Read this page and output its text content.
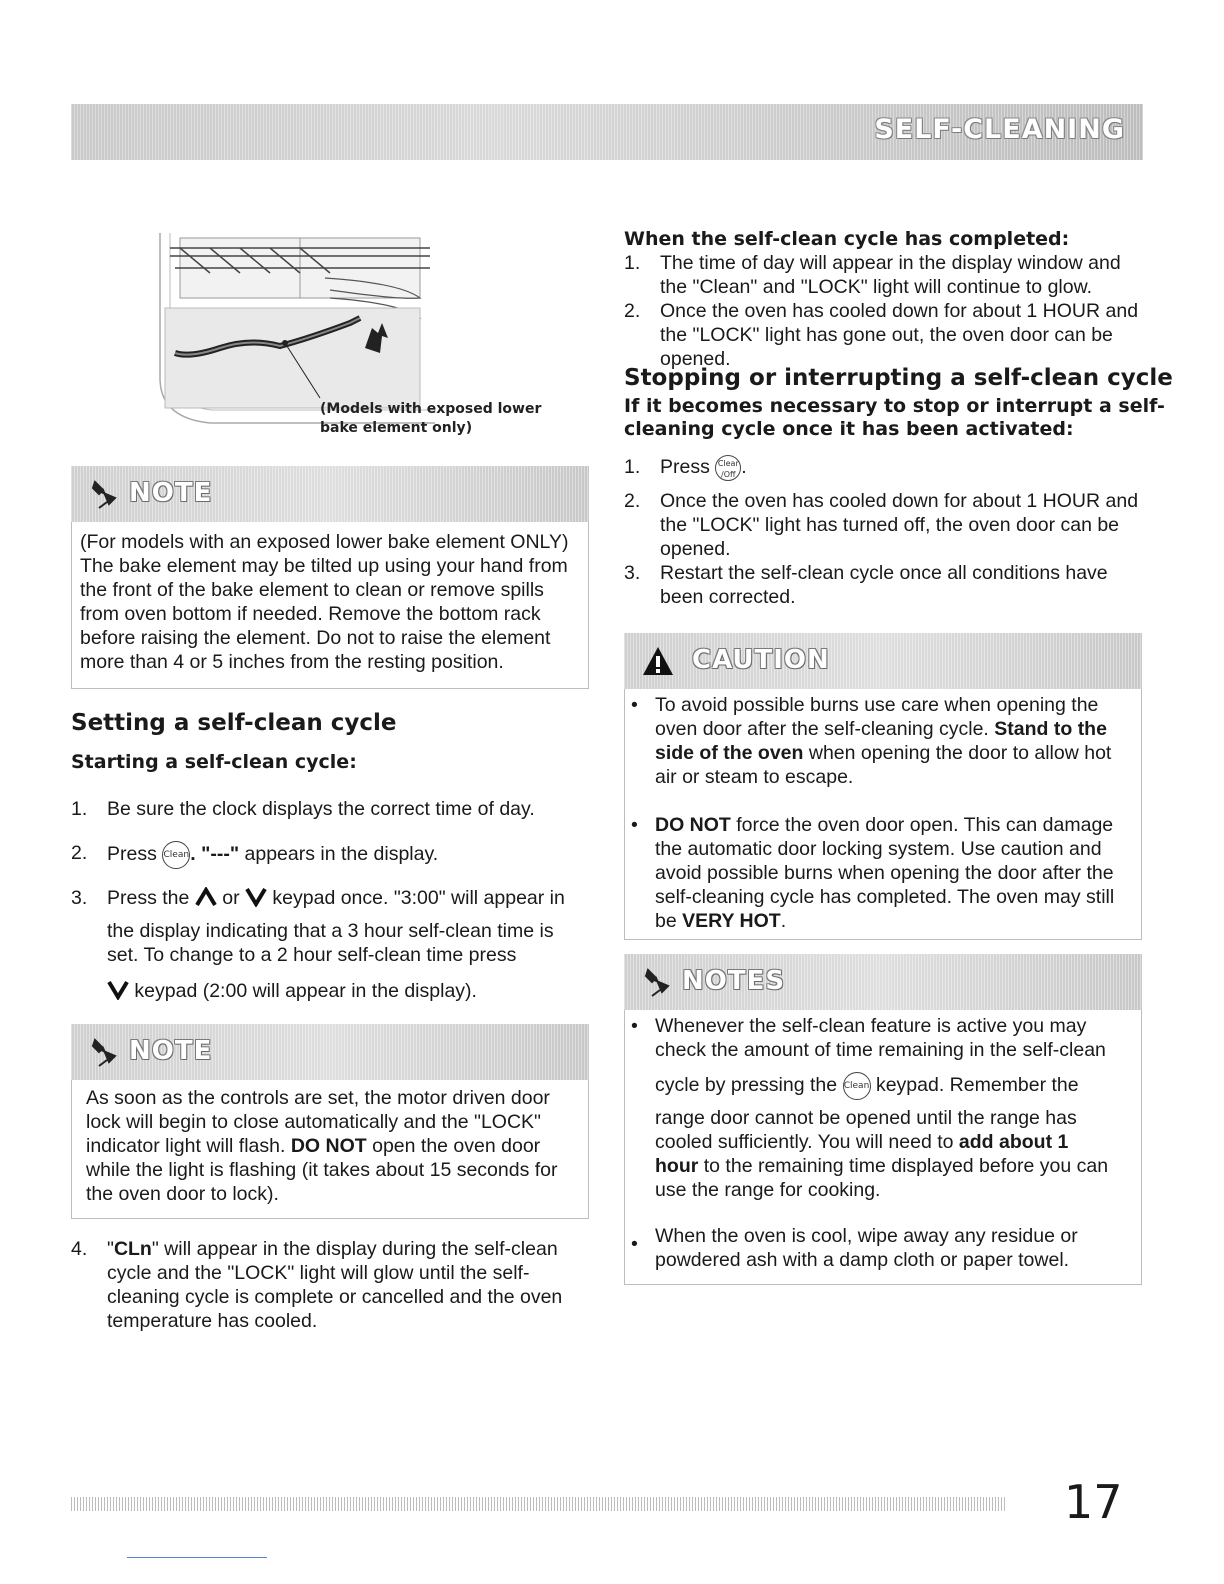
SELF-CLEANING
(Models with exposed lower
bake element only)
NOTE
(For models with an exposed lower bake element ONLY)
The bake element may be tilted up using your hand from
the front of the bake element to clean or remove spills
from oven bottom if needed. Remove the bottom rack
before raising the element. Do not to raise the element
more than 4 or 5 inches from the resting position.
Setting a self-clean cycle
Starting a self-clean cycle:
1. Be sure the clock displays the correct time of day.
2. Press Clean. "---" appears in the display.
3. Press the or keypad once. "3:00" will appear in
the display indicating that a 3 hour self-clean time is
set. To change to a 2 hour self-clean time press
keypad (2:00 will appear in the display).
NOTE
As soon as the controls are set, the motor driven door
lock will begin to close automatically and the "LOCK"
indicator light will flash. DO NOT open the oven door
while the light is flashing (it takes about 15 seconds for
the oven door to lock).
4. "CLn" will appear in the display during the self-clean
cycle and the "LOCK" light will glow until the self-
cleaning cycle is complete or cancelled and the oven
temperature has cooled.
When the self-clean cycle has completed:
1. The time of day will appear in the display window and
the "Clean" and "LOCK" light will continue to glow.
2. Once the oven has cooled down for about 1 HOUR and
the "LOCK" light has gone out, the oven door can be
opened.
Stopping or interrupting a self-clean cycle
If it becomes necessary to stop or interrupt a self-
cleaning cycle once it has been activated:
1. Press Clear
/Off .
2. Once the oven has cooled down for about 1 HOUR and
the "LOCK" light has turned off, the oven door can be
opened.
3. Restart the self-clean cycle once all conditions have
been corrected.
CAUTION
• To avoid possible burns use care when opening the
oven door after the self-cleaning cycle. Stand to the
side of the oven when opening the door to allow hot
air or steam to escape.
• DO NOT force the oven door open. This can damage
the automatic door locking system. Use caution and
avoid possible burns when opening the door after the
self-cleaning cycle has completed. The oven may still
be VERY HOT.
NOTES
• Whenever the self-clean feature is active you may
check the amount of time remaining in the self-clean
cycle by pressing the Clean keypad. Remember the
range door cannot be opened until the range has
cooled sufficiently. You will need to add about 1
hour to the remaining time displayed before you can
use the range for cooking.
• When the oven is cool, wipe away any residue or
powdered ash with a damp cloth or paper towel.
17
